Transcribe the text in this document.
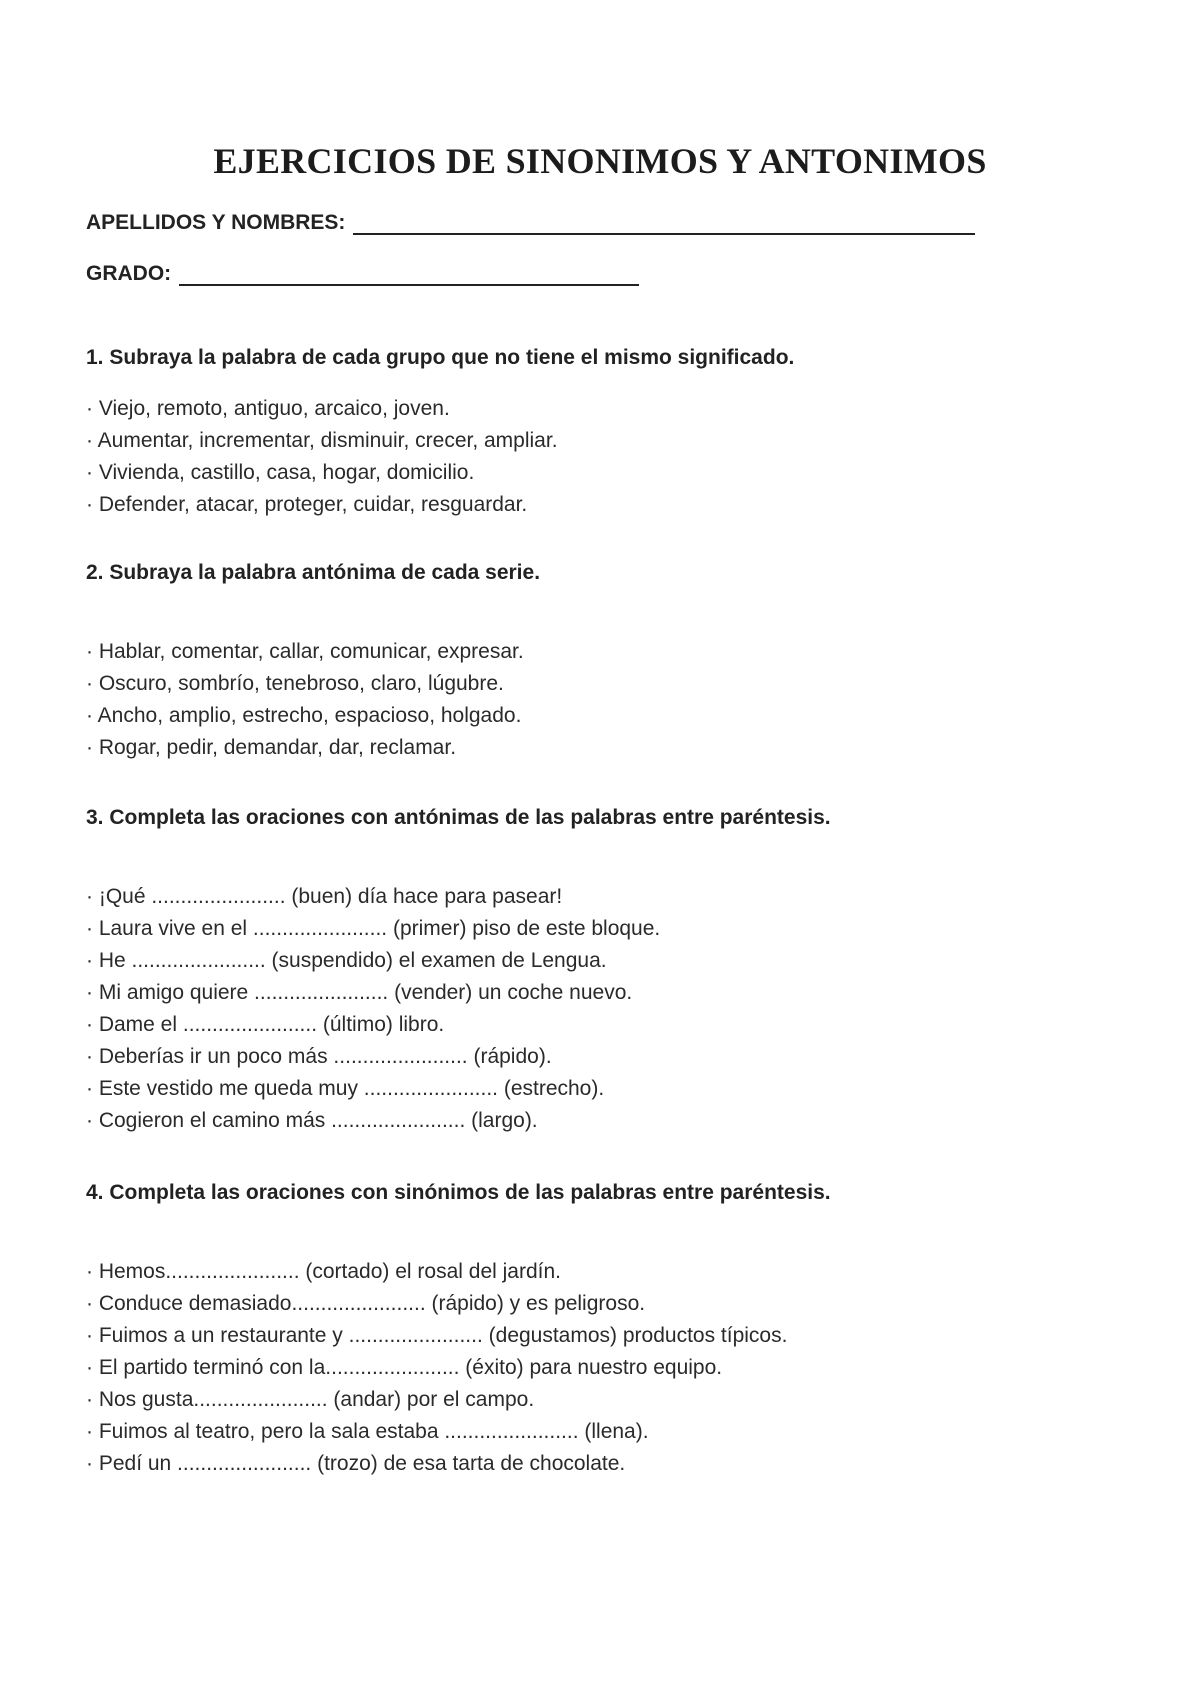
EJERCICIOS DE SINONIMOS Y ANTONIMOS
APELLIDOS Y NOMBRES:
GRADO:
1. Subraya la palabra de cada grupo que no tiene el mismo significado.
· Viejo, remoto, antiguo, arcaico, joven.
· Aumentar, incrementar, disminuir, crecer, ampliar.
· Vivienda, castillo, casa, hogar, domicilio.
· Defender, atacar, proteger, cuidar, resguardar.
2. Subraya la palabra antónima de cada serie.
· Hablar, comentar, callar, comunicar, expresar.
· Oscuro, sombrío, tenebroso, claro, lúgubre.
· Ancho, amplio, estrecho, espacioso, holgado.
· Rogar, pedir, demandar, dar, reclamar.
3. Completa las oraciones con antónimas de las palabras entre paréntesis.
· ¡Qué ....................... (buen) día hace para pasear!
· Laura vive en el ....................... (primer) piso de este bloque.
· He ....................... (suspendido) el examen de Lengua.
· Mi amigo quiere ....................... (vender) un coche nuevo.
· Dame el ....................... (último) libro.
· Deberías ir un poco más ....................... (rápido).
· Este vestido me queda muy ....................... (estrecho).
· Cogieron el camino más ....................... (largo).
4. Completa las oraciones con sinónimos de las palabras entre paréntesis.
· Hemos....................... (cortado) el rosal del jardín.
· Conduce demasiado....................... (rápido) y es peligroso.
· Fuimos a un restaurante y ....................... (degustamos) productos típicos.
· El partido terminó con la....................... (éxito) para nuestro equipo.
· Nos gusta....................... (andar) por el campo.
· Fuimos al teatro, pero la sala estaba ....................... (llena).
· Pedí un ....................... (trozo) de esa tarta de chocolate.
